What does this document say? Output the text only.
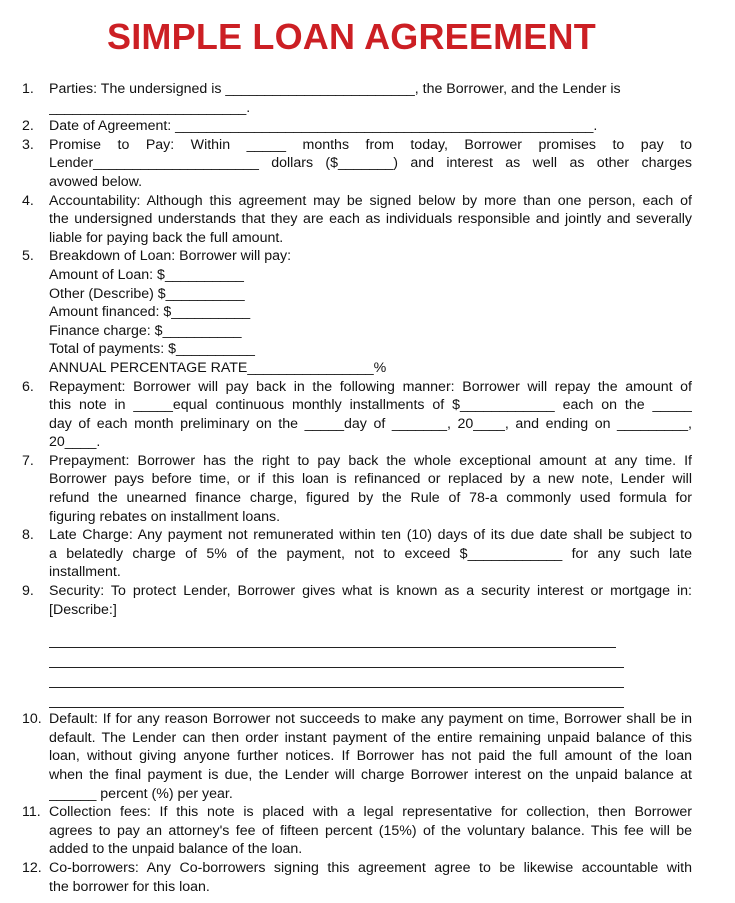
SIMPLE LOAN AGREEMENT
1.	Parties: The undersigned is ________________________, the Borrower, and the Lender is
_________________________.
2.	Date of Agreement: _____________________________________________________.
3.	Promise to Pay: Within _____ months from today, Borrower promises to pay to
Lender_____________________ dollars ($_______) and interest as well as other charges
avowed below.
4.	Accountability: Although this agreement may be signed below by more than one person, each of
the undersigned understands that they are each as individuals responsible and jointly and severally
liable for paying back the full amount.
5.	Breakdown of Loan: Borrower will pay:
Amount of Loan: $__________
Other (Describe) $__________
Amount financed: $__________
Finance charge: $__________
Total of payments: $__________
ANNUAL PERCENTAGE RATE________________%
6.	Repayment: Borrower will pay back in the following manner: Borrower will repay the amount of
this note in _____equal continuous monthly installments of $____________ each on the _____
day of each month preliminary on the _____day of _______, 20____, and ending on _________,
20____.
7.	Prepayment: Borrower has the right to pay back the whole exceptional amount at any time. If
Borrower pays before time, or if this loan is refinanced or replaced by a new note, Lender will
refund the unearned finance charge, figured by the Rule of 78-a commonly used formula for
figuring rebates on installment loans.
8.	Late Charge: Any payment not remunerated within ten (10) days of its due date shall be subject to
a belatedly charge of 5% of the payment, not to exceed $____________ for any such late
installment.
9.	Security: To protect Lender, Borrower gives what is known as a security interest or mortgage in:
[Describe:]
10. Default: If for any reason Borrower not succeeds to make any payment on time, Borrower shall be in
default. The Lender can then order instant payment of the entire remaining unpaid balance of this
loan, without giving anyone further notices. If Borrower has not paid the full amount of the loan
when the final payment is due, the Lender will charge Borrower interest on the unpaid balance at
______ percent (%) per year.
11. Collection fees: If this note is placed with a legal representative for collection, then Borrower
agrees to pay an attorney's fee of fifteen percent (15%) of the voluntary balance. This fee will be
added to the unpaid balance of the loan.
12. Co-borrowers: Any Co-borrowers signing this agreement agree to be likewise accountable with
the borrower for this loan.
